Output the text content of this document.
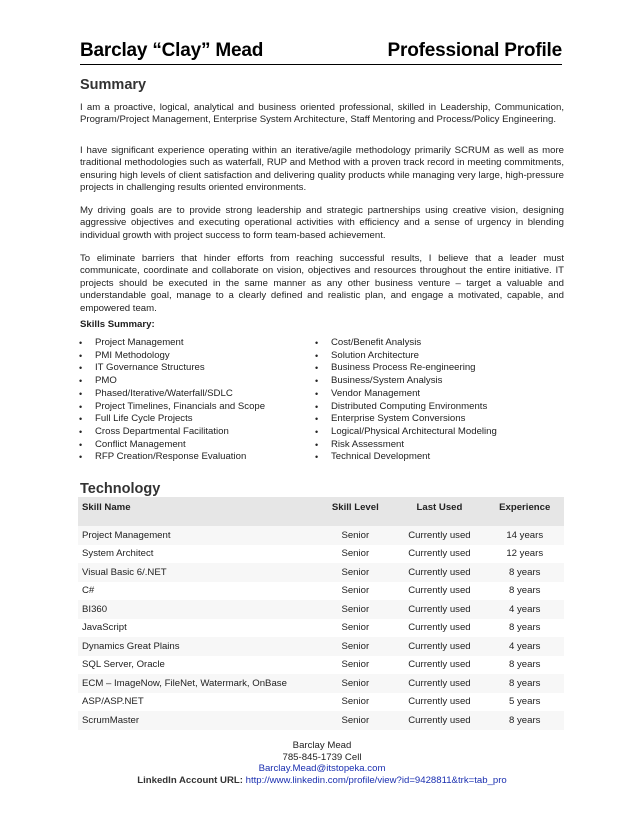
Barclay “Clay” Mead	Professional Profile
Summary
I am a proactive, logical, analytical and business oriented professional, skilled in Leadership, Communication, Program/Project Management, Enterprise System Architecture, Staff Mentoring and Process/Policy Engineering.
I have significant experience operating within an iterative/agile methodology primarily SCRUM as well as more traditional methodologies such as waterfall, RUP and Method with a proven track record in meeting commitments, ensuring high levels of client satisfaction and delivering quality products while managing very large, high-pressure projects in challenging results oriented environments.
My driving goals are to provide strong leadership and strategic partnerships using creative vision, designing aggressive objectives and executing operational activities with efficiency and a sense of urgency in blending individual growth with project success to form team-based achievement.
To eliminate barriers that hinder efforts from reaching successful results, I believe that a leader must communicate, coordinate and collaborate on vision, objectives and resources throughout the entire initiative. IT projects should be executed in the same manner as any other business venture – target a valuable and understandable goal, manage to a clearly defined and realistic plan, and engage a motivated, capable, and empowered team.
Skills Summary:
• Project Management
• PMI Methodology
• IT Governance Structures
• PMO
• Phased/Iterative/Waterfall/SDLC
• Project Timelines, Financials and Scope
• Full Life Cycle Projects
• Cross Departmental Facilitation
• Conflict Management
• RFP Creation/Response Evaluation
• Cost/Benefit Analysis
• Solution Architecture
• Business Process Re-engineering
• Business/System Analysis
• Vendor Management
• Distributed Computing Environments
• Enterprise System Conversions
• Logical/Physical Architectural Modeling
• Risk Assessment
• Technical Development
Technology
Skill Name	Skill Level	Last Used	Experience
Project Management	Senior	Currently used	14 years
System Architect	Senior	Currently used	12 years
Visual Basic 6/.NET	Senior	Currently used	8 years
C#	Senior	Currently used	8 years
BI360	Senior	Currently used	4 years
JavaScript	Senior	Currently used	8 years
Dynamics Great Plains	Senior	Currently used	4 years
SQL Server, Oracle	Senior	Currently used	8 years
ECM – ImageNow, FileNet, Watermark, OnBase	Senior	Currently used	8 years
ASP/ASP.NET	Senior	Currently used	5 years
ScrumMaster	Senior	Currently used	8 years
Barclay Mead
785-845-1739 Cell
Barclay.Mead@itstopeka.com
LinkedIn Account URL: http://www.linkedin.com/profile/view?id=9428811&trk=tab_pro
